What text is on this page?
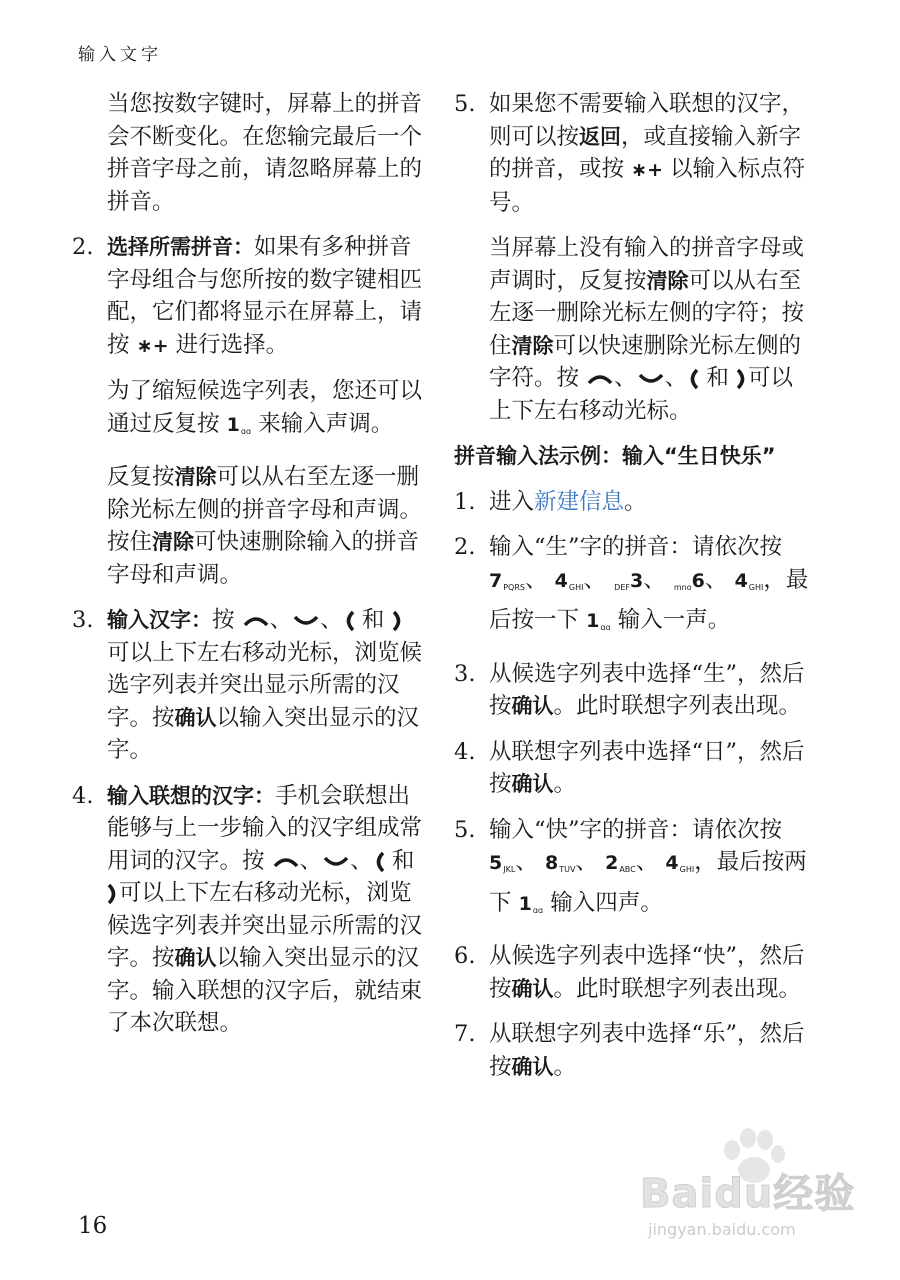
输入文字
当您按数字键时，屏幕上的拼音会不断变化。在您输完最后一个拼音字母之前，请忽略屏幕上的拼音。
2. 选择所需拼音：如果有多种拼音字母组合与您所按的数字键相匹配，它们都将显示在屏幕上，请按 ∗+ 进行选择。
为了缩短候选字列表，您还可以通过反复按 $1_{ɑɑ}$ 来输入声调。
反复按清除可以从右至左逐一删除光标左侧的拼音字母和声调。按住清除可快速删除输入的拼音字母和声调。
3. 输入汉字：按 、 、 和 可以上下左右移动光标，浏览候选字列表并突出显示所需的汉字。按确认以输入突出显示的汉字。
4. 输入联想的汉字：手机会联想出能够与上一步输入的汉字组成常用词的汉字。按 、 、 和 可以上下左右移动光标，浏览候选字列表并突出显示所需的汉字。按确认以输入突出显示的汉字。输入联想的汉字后，就结束了本次联想。
5. 如果您不需要输入联想的汉字，则可以按返回，或直接输入新字的拼音，或按 ∗+ 以输入标点符号。
当屏幕上没有输入的拼音字母或声调时，反复按清除可以从右至左逐一删除光标左侧的字符；按住清除可以快速删除光标左侧的字符。按 、 、 和 可以上下左右移动光标。
拼音输入法示例：输入“生日快乐”
1. 进入新建信息。
2. 输入“生”字的拼音：请依次按 $7_{PQRS}$、 $4_{GHI}$、 $_{DEF}$3、 $_{mno}$6、 $4_{GHI}$，最后按一下 $1_{ɑɑ}$ 输入一声。
3. 从候选字列表中选择“生”，然后按确认。此时联想字列表出现。
4. 从联想字列表中选择“日”，然后按确认。
5. 输入“快”字的拼音：请依次按 $5_{JKL}$、 $8_{TUV}$、 $2_{ABC}$、 $4_{GHI}$，最后按两下 $1_{ɑɑ}$ 输入四声。
6. 从候选字列表中选择“快”，然后按确认。此时联想字列表出现。
7. 从联想字列表中选择“乐”，然后按确认。
16
Baidu经验
jingyan.baidu.com
